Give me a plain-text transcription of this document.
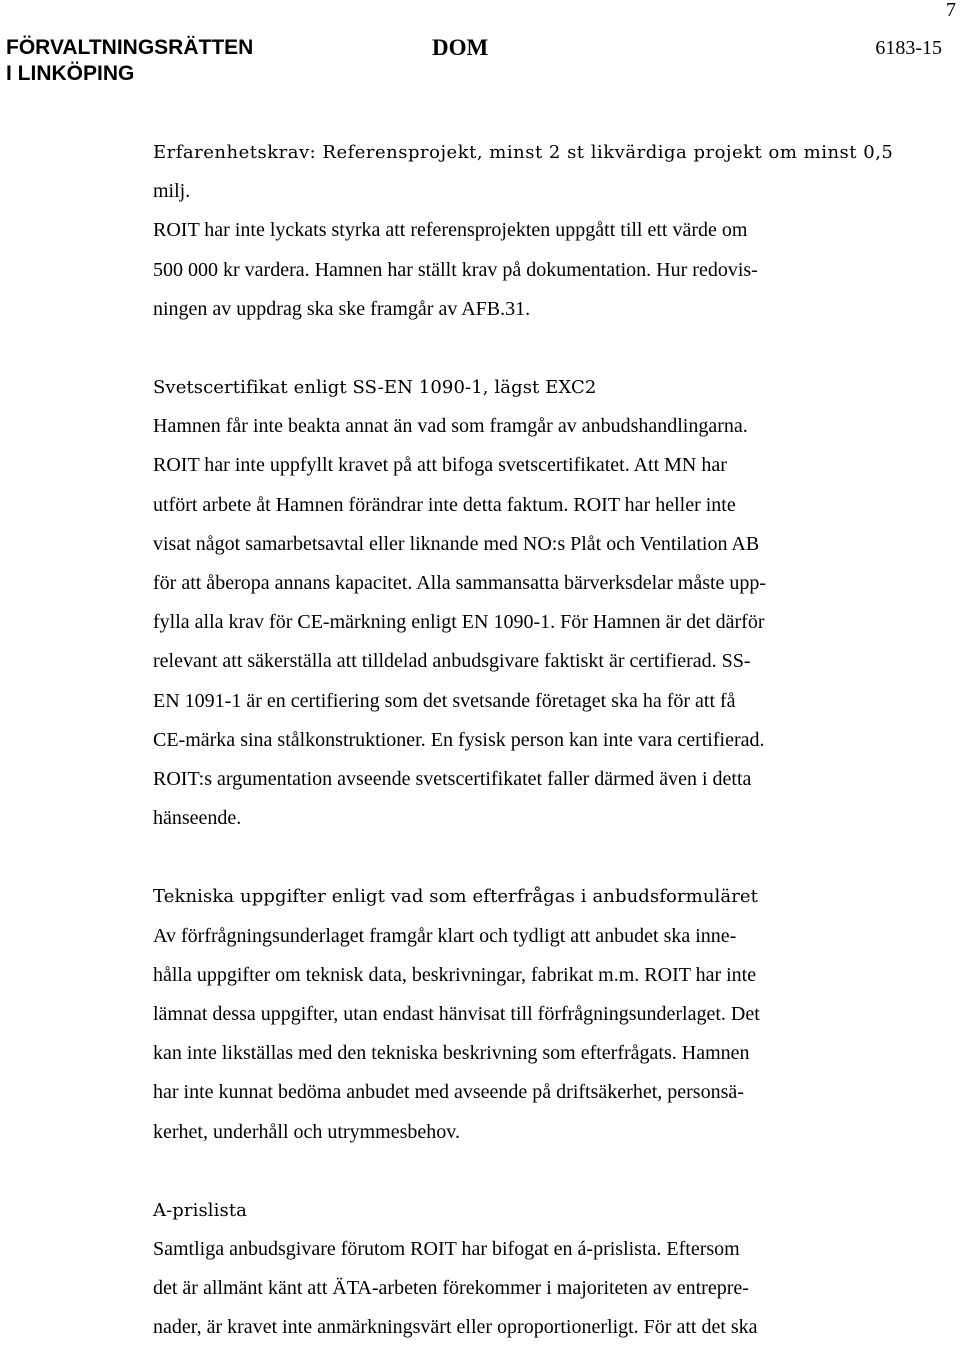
7
FÖRVALTNINGSRÄTTEN
I LINKÖPING
DOM	6183-15
Erfarenhetskrav: Referensprojekt, minst 2 st likvärdiga projekt om minst 0,5
milj.
ROIT har inte lyckats styrka att referensprojekten uppgått till ett värde om
500 000 kr vardera. Hamnen har ställt krav på dokumentation. Hur redovis-
ningen av uppdrag ska ske framgår av AFB.31.
Svetscertifikat enligt SS-EN 1090-1, lägst EXC2
Hamnen får inte beakta annat än vad som framgår av anbudshandlingarna.
ROIT har inte uppfyllt kravet på att bifoga svetscertifikatet. Att MN har
utfört arbete åt Hamnen förändrar inte detta faktum. ROIT har heller inte
visat något samarbetsavtal eller liknande med NO:s Plåt och Ventilation AB
för att åberopa annans kapacitet. Alla sammansatta bärverksdelar måste upp-
fylla alla krav för CE-märkning enligt EN 1090-1. För Hamnen är det därför
relevant att säkerställa att tilldelad anbudsgivare faktiskt är certifierad. SS-
EN 1091-1 är en certifiering som det svetsande företaget ska ha för att få
CE-märka sina stålkonstruktioner. En fysisk person kan inte vara certifierad.
ROIT:s argumentation avseende svetscertifikatet faller därmed även i detta
hänseende.
Tekniska uppgifter enligt vad som efterfrågas i anbudsformuläret
Av förfrågningsunderlaget framgår klart och tydligt att anbudet ska inne-
hålla uppgifter om teknisk data, beskrivningar, fabrikat m.m. ROIT har inte
lämnat dessa uppgifter, utan endast hänvisat till förfrågningsunderlaget. Det
kan inte likställas med den tekniska beskrivning som efterfrågats. Hamnen
har inte kunnat bedöma anbudet med avseende på driftsäkerhet, personsä-
kerhet, underhåll och utrymmesbehov.
A-prislista
Samtliga anbudsgivare förutom ROIT har bifogat en á-prislista. Eftersom
det är allmänt känt att ÄTA-arbeten förekommer i majoriteten av entrepre-
nader, är kravet inte anmärkningsvärt eller oproportionerligt. För att det ska
